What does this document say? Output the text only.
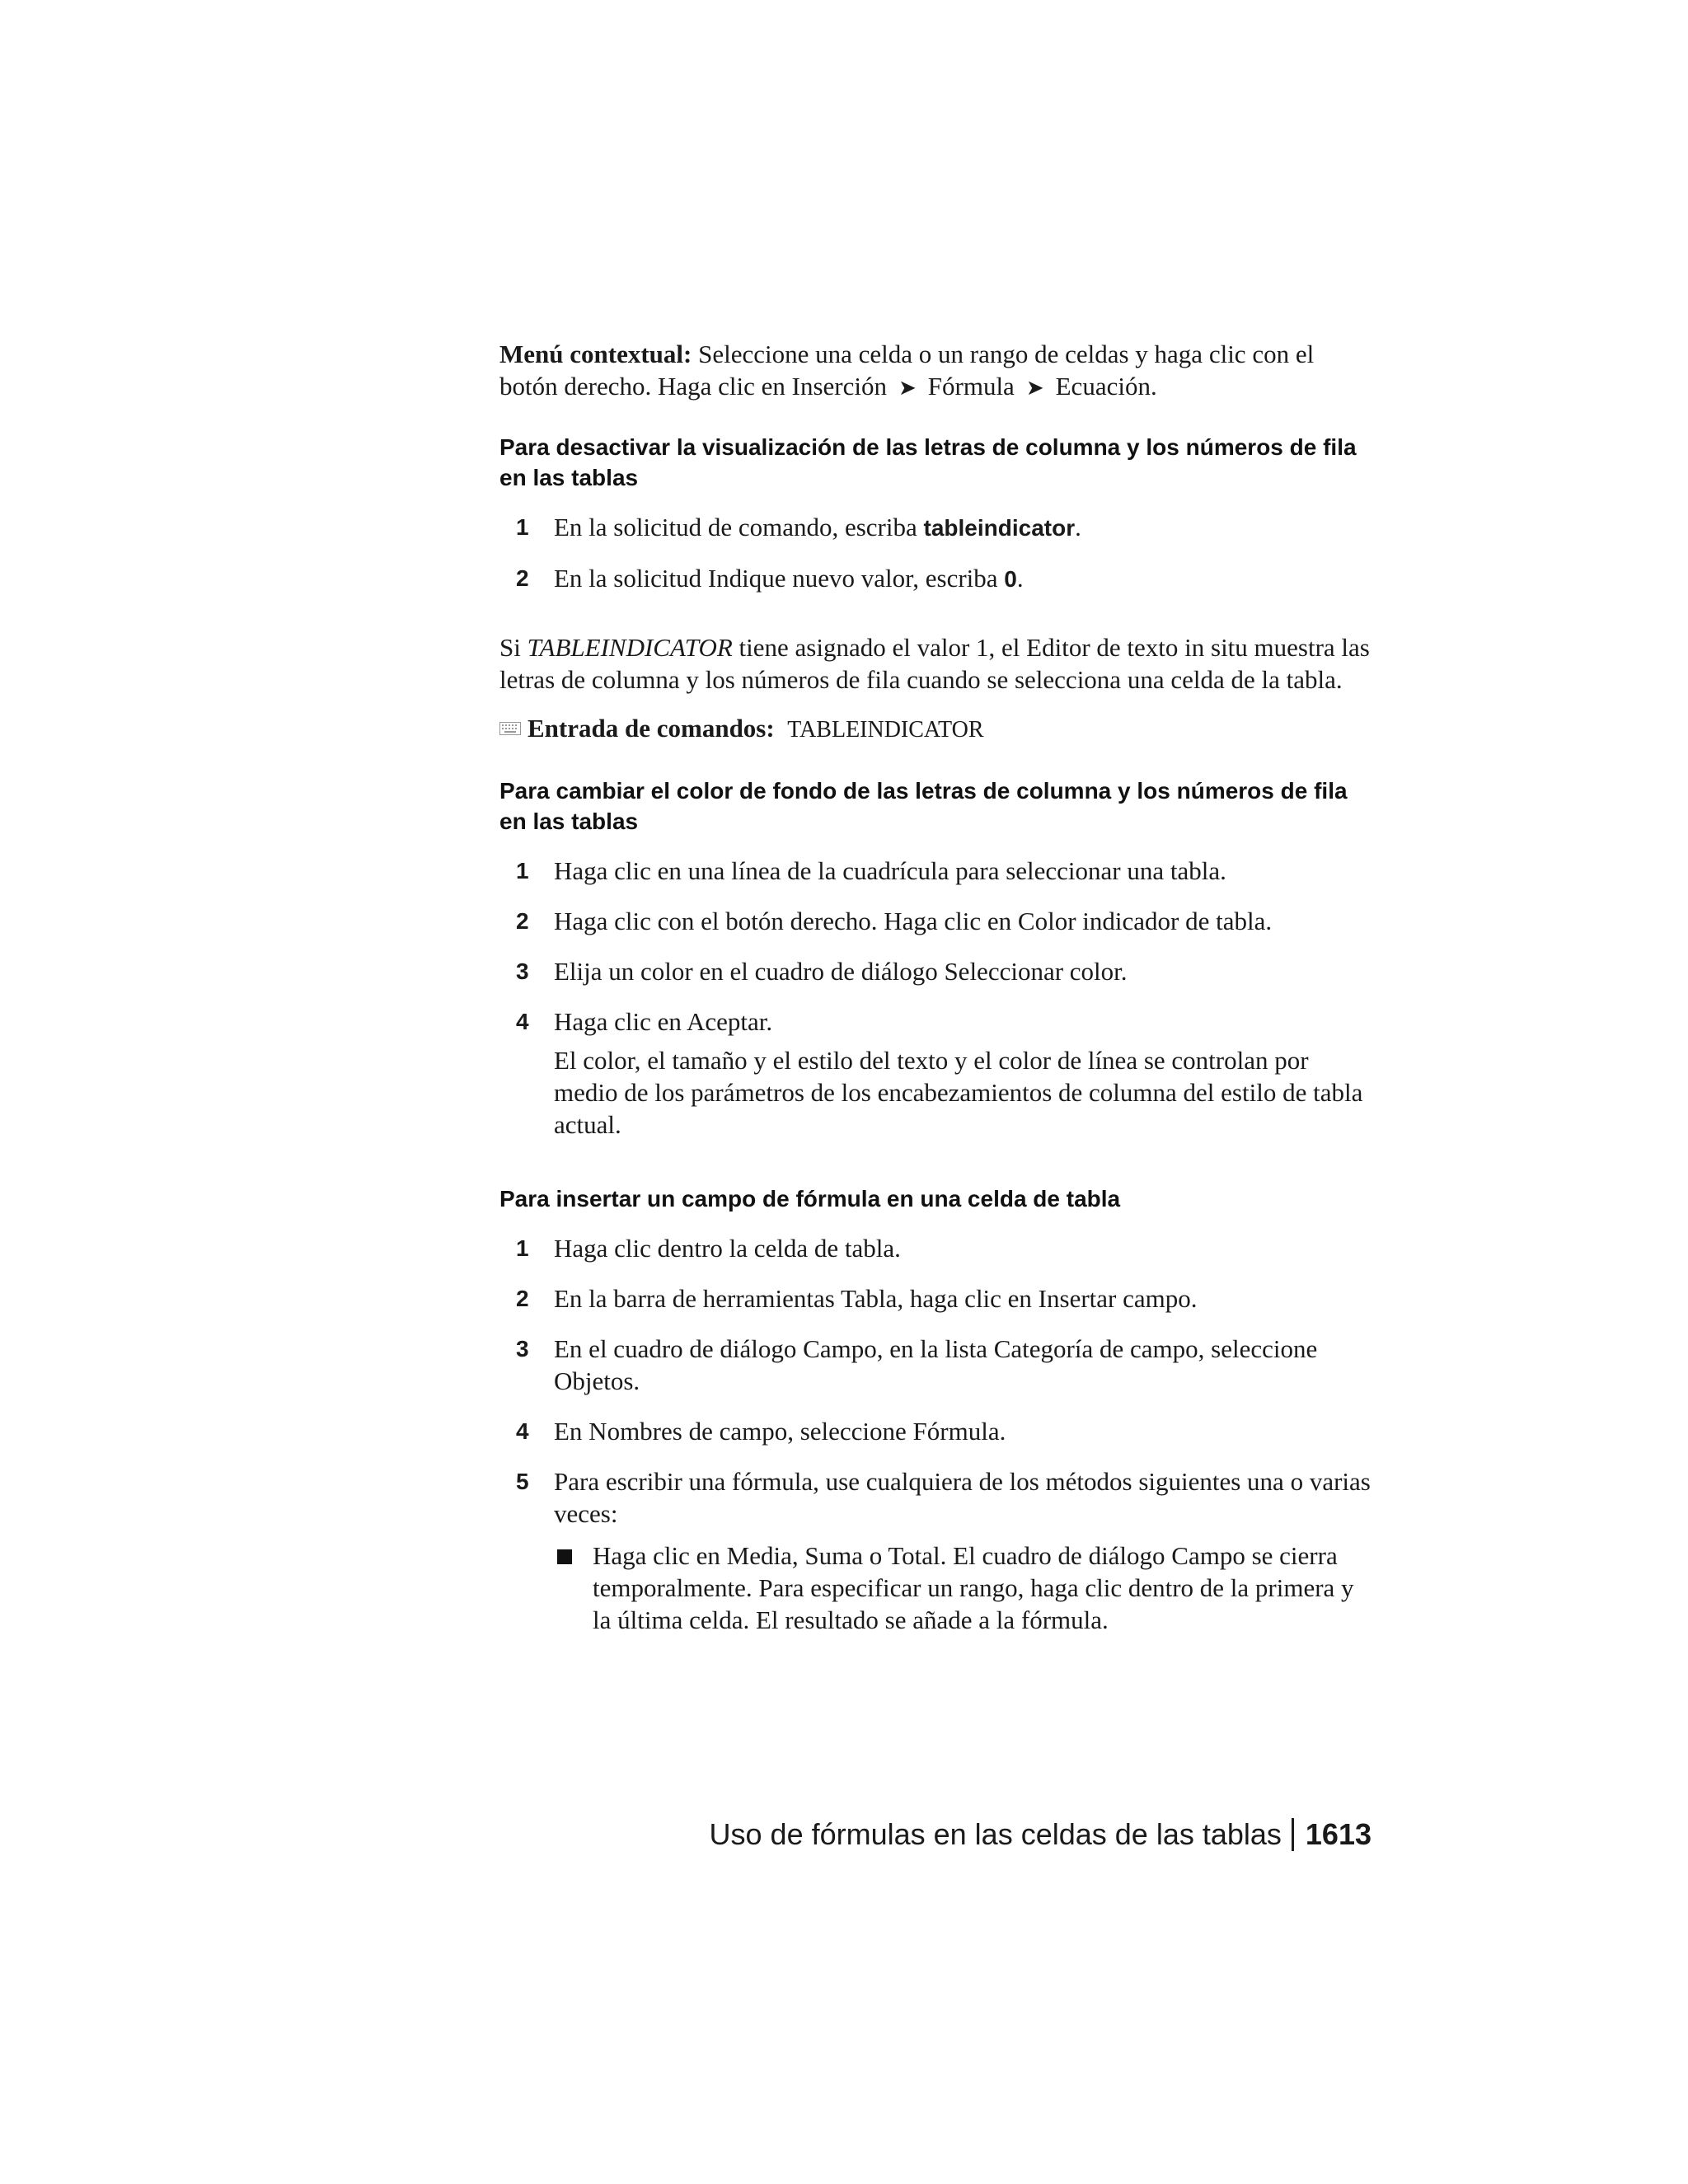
Menú contextual: Seleccione una celda o un rango de celdas y haga clic con el botón derecho. Haga clic en Inserción ➤ Fórmula ➤ Ecuación.

Para desactivar la visualización de las letras de columna y los números de fila en las tablas

1 En la solicitud de comando, escriba tableindicator.
2 En la solicitud Indique nuevo valor, escriba 0.

Si TABLEINDICATOR tiene asignado el valor 1, el Editor de texto in situ muestra las letras de columna y los números de fila cuando se selecciona una celda de la tabla.

Entrada de comandos: TABLEINDICATOR

Para cambiar el color de fondo de las letras de columna y los números de fila en las tablas

1 Haga clic en una línea de la cuadrícula para seleccionar una tabla.
2 Haga clic con el botón derecho. Haga clic en Color indicador de tabla.
3 Elija un color en el cuadro de diálogo Seleccionar color.
4 Haga clic en Aceptar.

El color, el tamaño y el estilo del texto y el color de línea se controlan por medio de los parámetros de los encabezamientos de columna del estilo de tabla actual.

Para insertar un campo de fórmula en una celda de tabla

1 Haga clic dentro la celda de tabla.
2 En la barra de herramientas Tabla, haga clic en Insertar campo.
3 En el cuadro de diálogo Campo, en la lista Categoría de campo, seleccione Objetos.
4 En Nombres de campo, seleccione Fórmula.
5 Para escribir una fórmula, use cualquiera de los métodos siguientes una o varias veces:

Haga clic en Media, Suma o Total. El cuadro de diálogo Campo se cierra temporalmente. Para especificar un rango, haga clic dentro de la primera y la última celda. El resultado se añade a la fórmula.

Uso de fórmulas en las celdas de las tablas 1613
